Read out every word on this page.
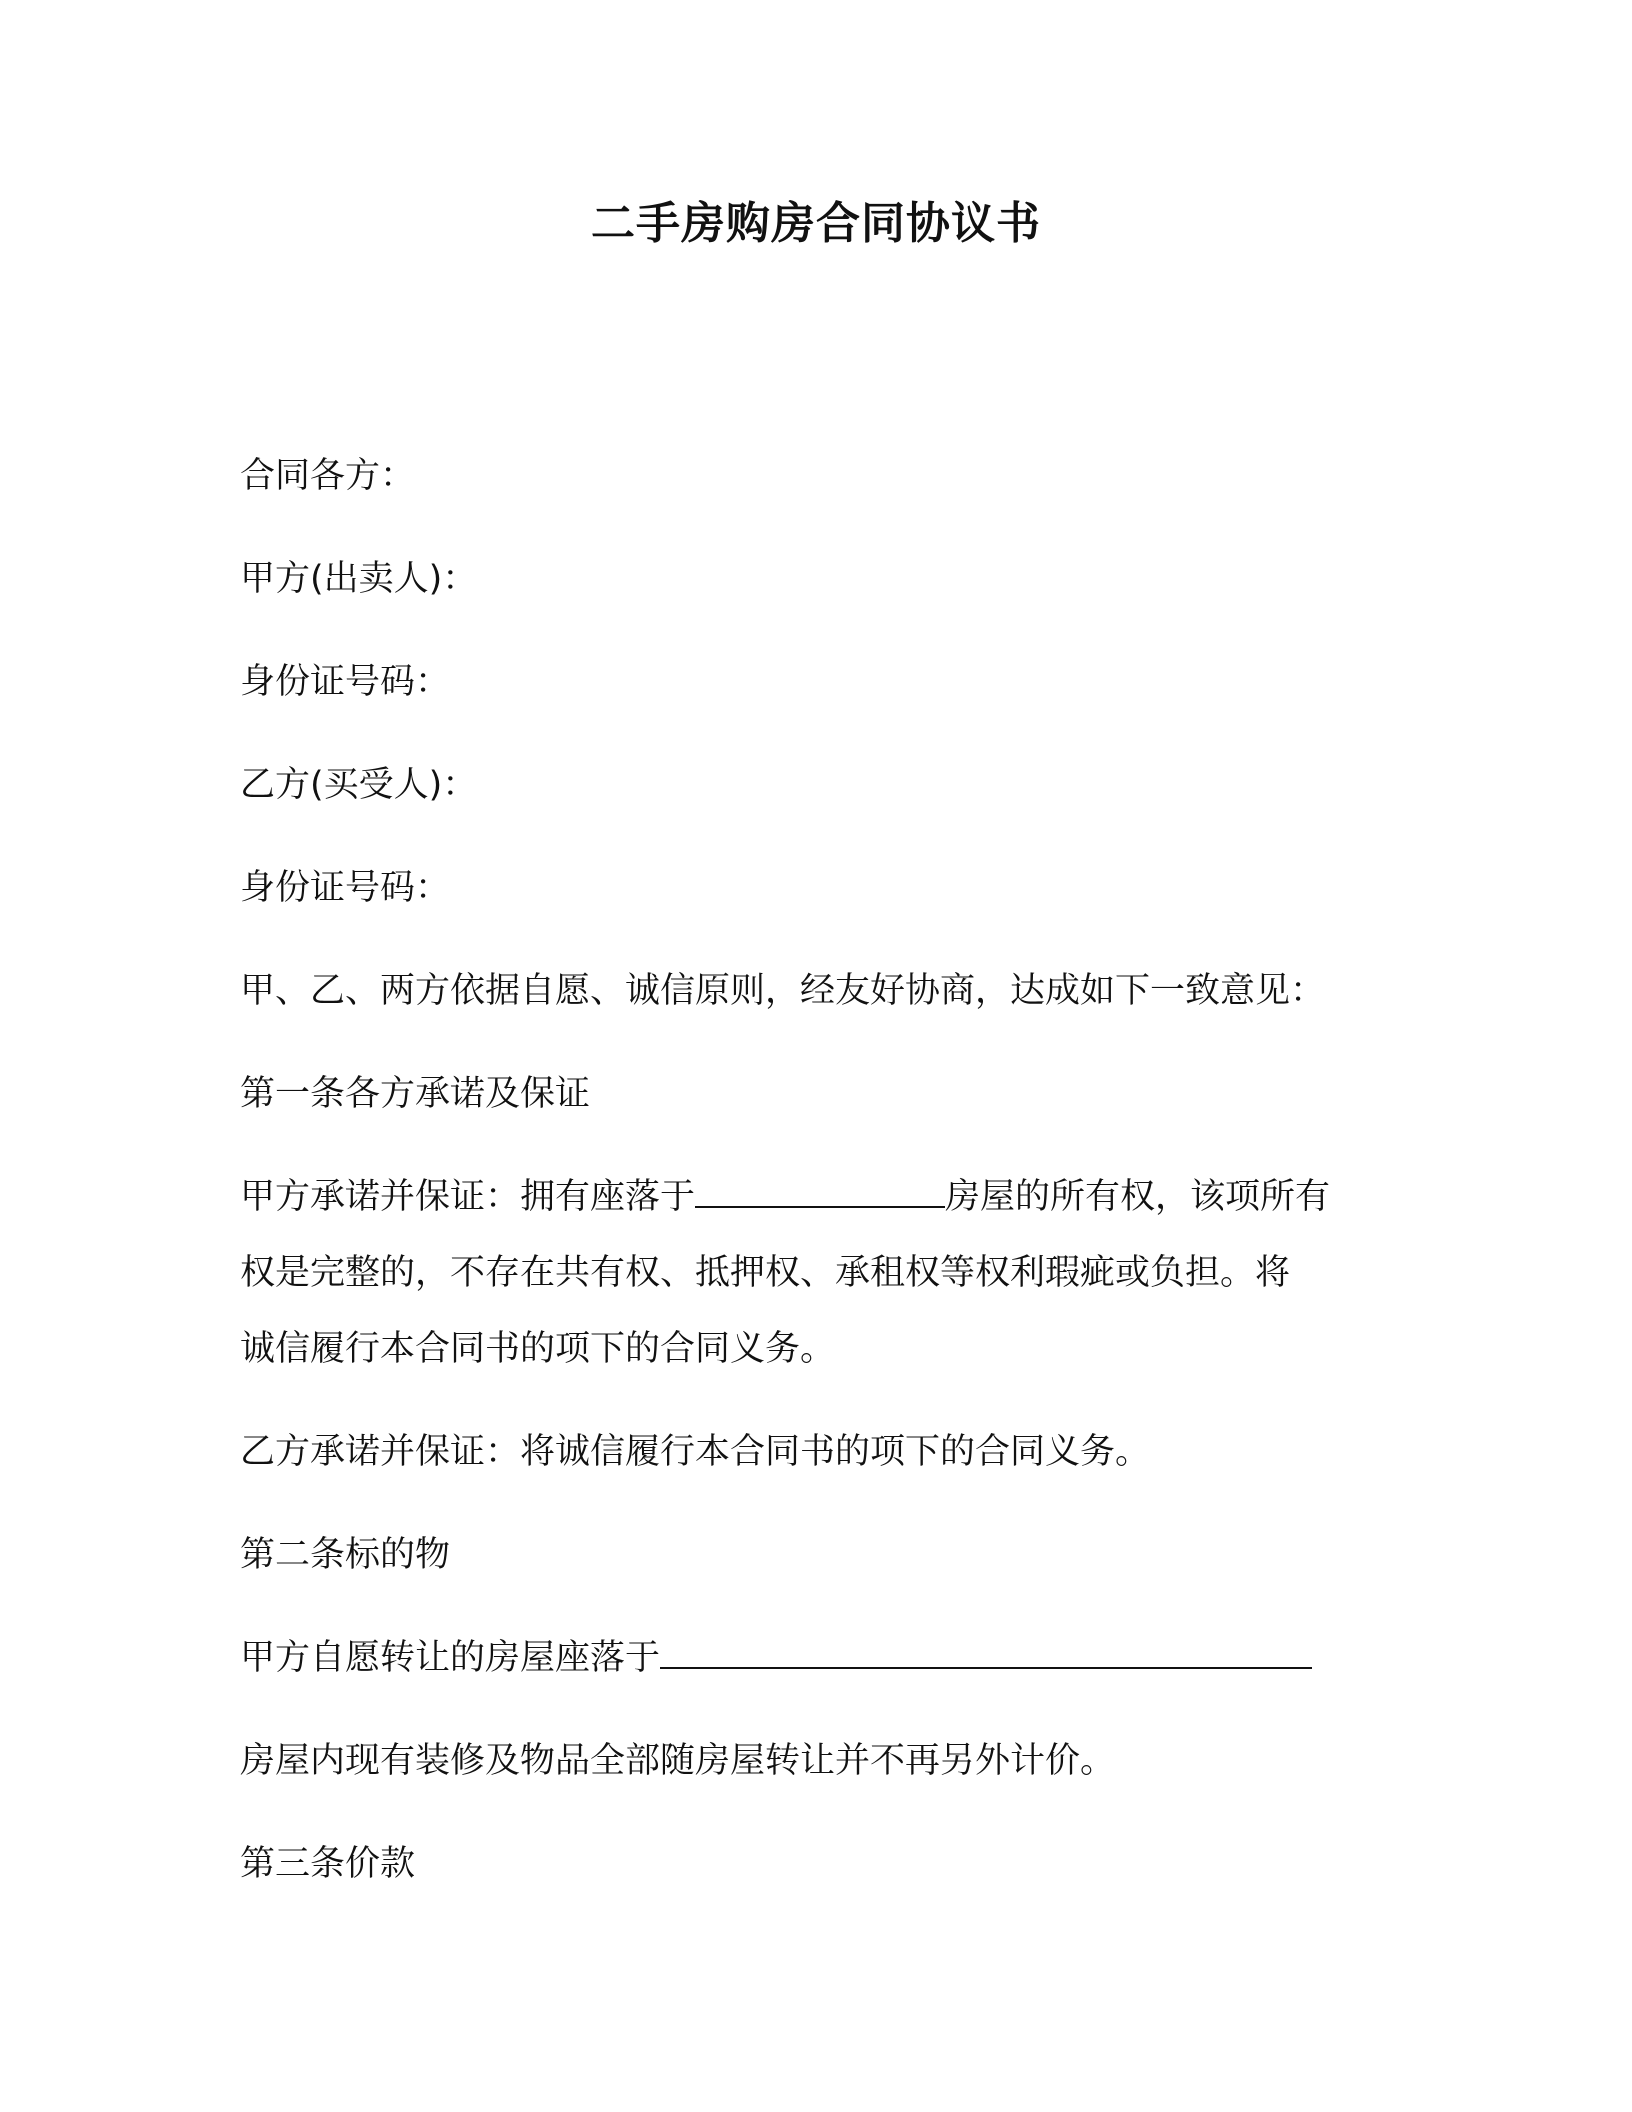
二手房购房合同协议书
合同各方：
甲方(出卖人)：
身份证号码：
乙方(买受人)：
身份证号码：
甲、乙、两方依据自愿、诚信原则，经友好协商，达成如下一致意见：
第一条各方承诺及保证
甲方承诺并保证：拥有座落于	房屋的所有权，该项所有
权是完整的，不存在共有权、抵押权、承租权等权利瑕疵或负担。将
诚信履行本合同书的项下的合同义务。
乙方承诺并保证：将诚信履行本合同书的项下的合同义务。
第二条标的物
甲方自愿转让的房屋座落于
房屋内现有装修及物品全部随房屋转让并不再另外计价。
第三条价款
